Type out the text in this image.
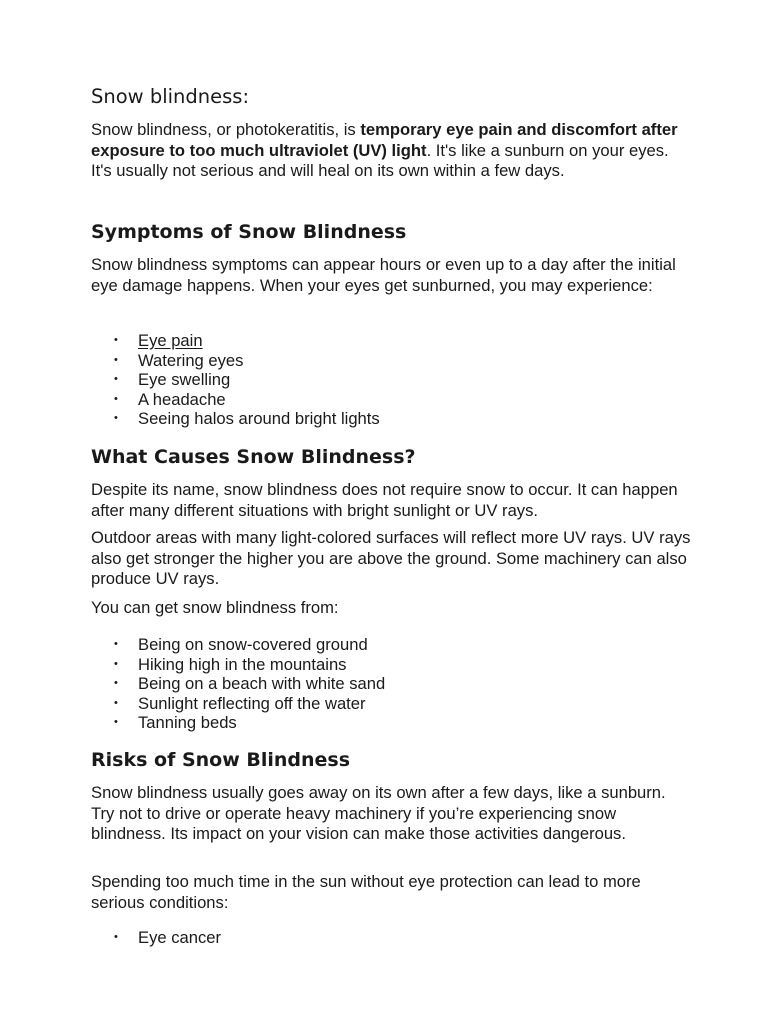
Snow blindness:

Snow blindness, or photokeratitis, is temporary eye pain and discomfort after exposure to too much ultraviolet (UV) light. It's like a sunburn on your eyes. It's usually not serious and will heal on its own within a few days.

Symptoms of Snow Blindness

Snow blindness symptoms can appear hours or even up to a day after the initial eye damage happens. When your eyes get sunburned, you may experience:

• Eye pain
• Watering eyes
• Eye swelling
• A headache
• Seeing halos around bright lights
What Causes Snow Blindness?

Despite its name, snow blindness does not require snow to occur. It can happen after many different situations with bright sunlight or UV rays.

Outdoor areas with many light-colored surfaces will reflect more UV rays. UV rays also get stronger the higher you are above the ground. Some machinery can also produce UV rays.

You can get snow blindness from:

• Being on snow-covered ground
• Hiking high in the mountains
• Being on a beach with white sand
• Sunlight reflecting off the water
• Tanning beds
Risks of Snow Blindness

Snow blindness usually goes away on its own after a few days, like a sunburn. Try not to drive or operate heavy machinery if you’re experiencing snow blindness. Its impact on your vision can make those activities dangerous.

Spending too much time in the sun without eye protection can lead to more serious conditions:

• Eye cancer
